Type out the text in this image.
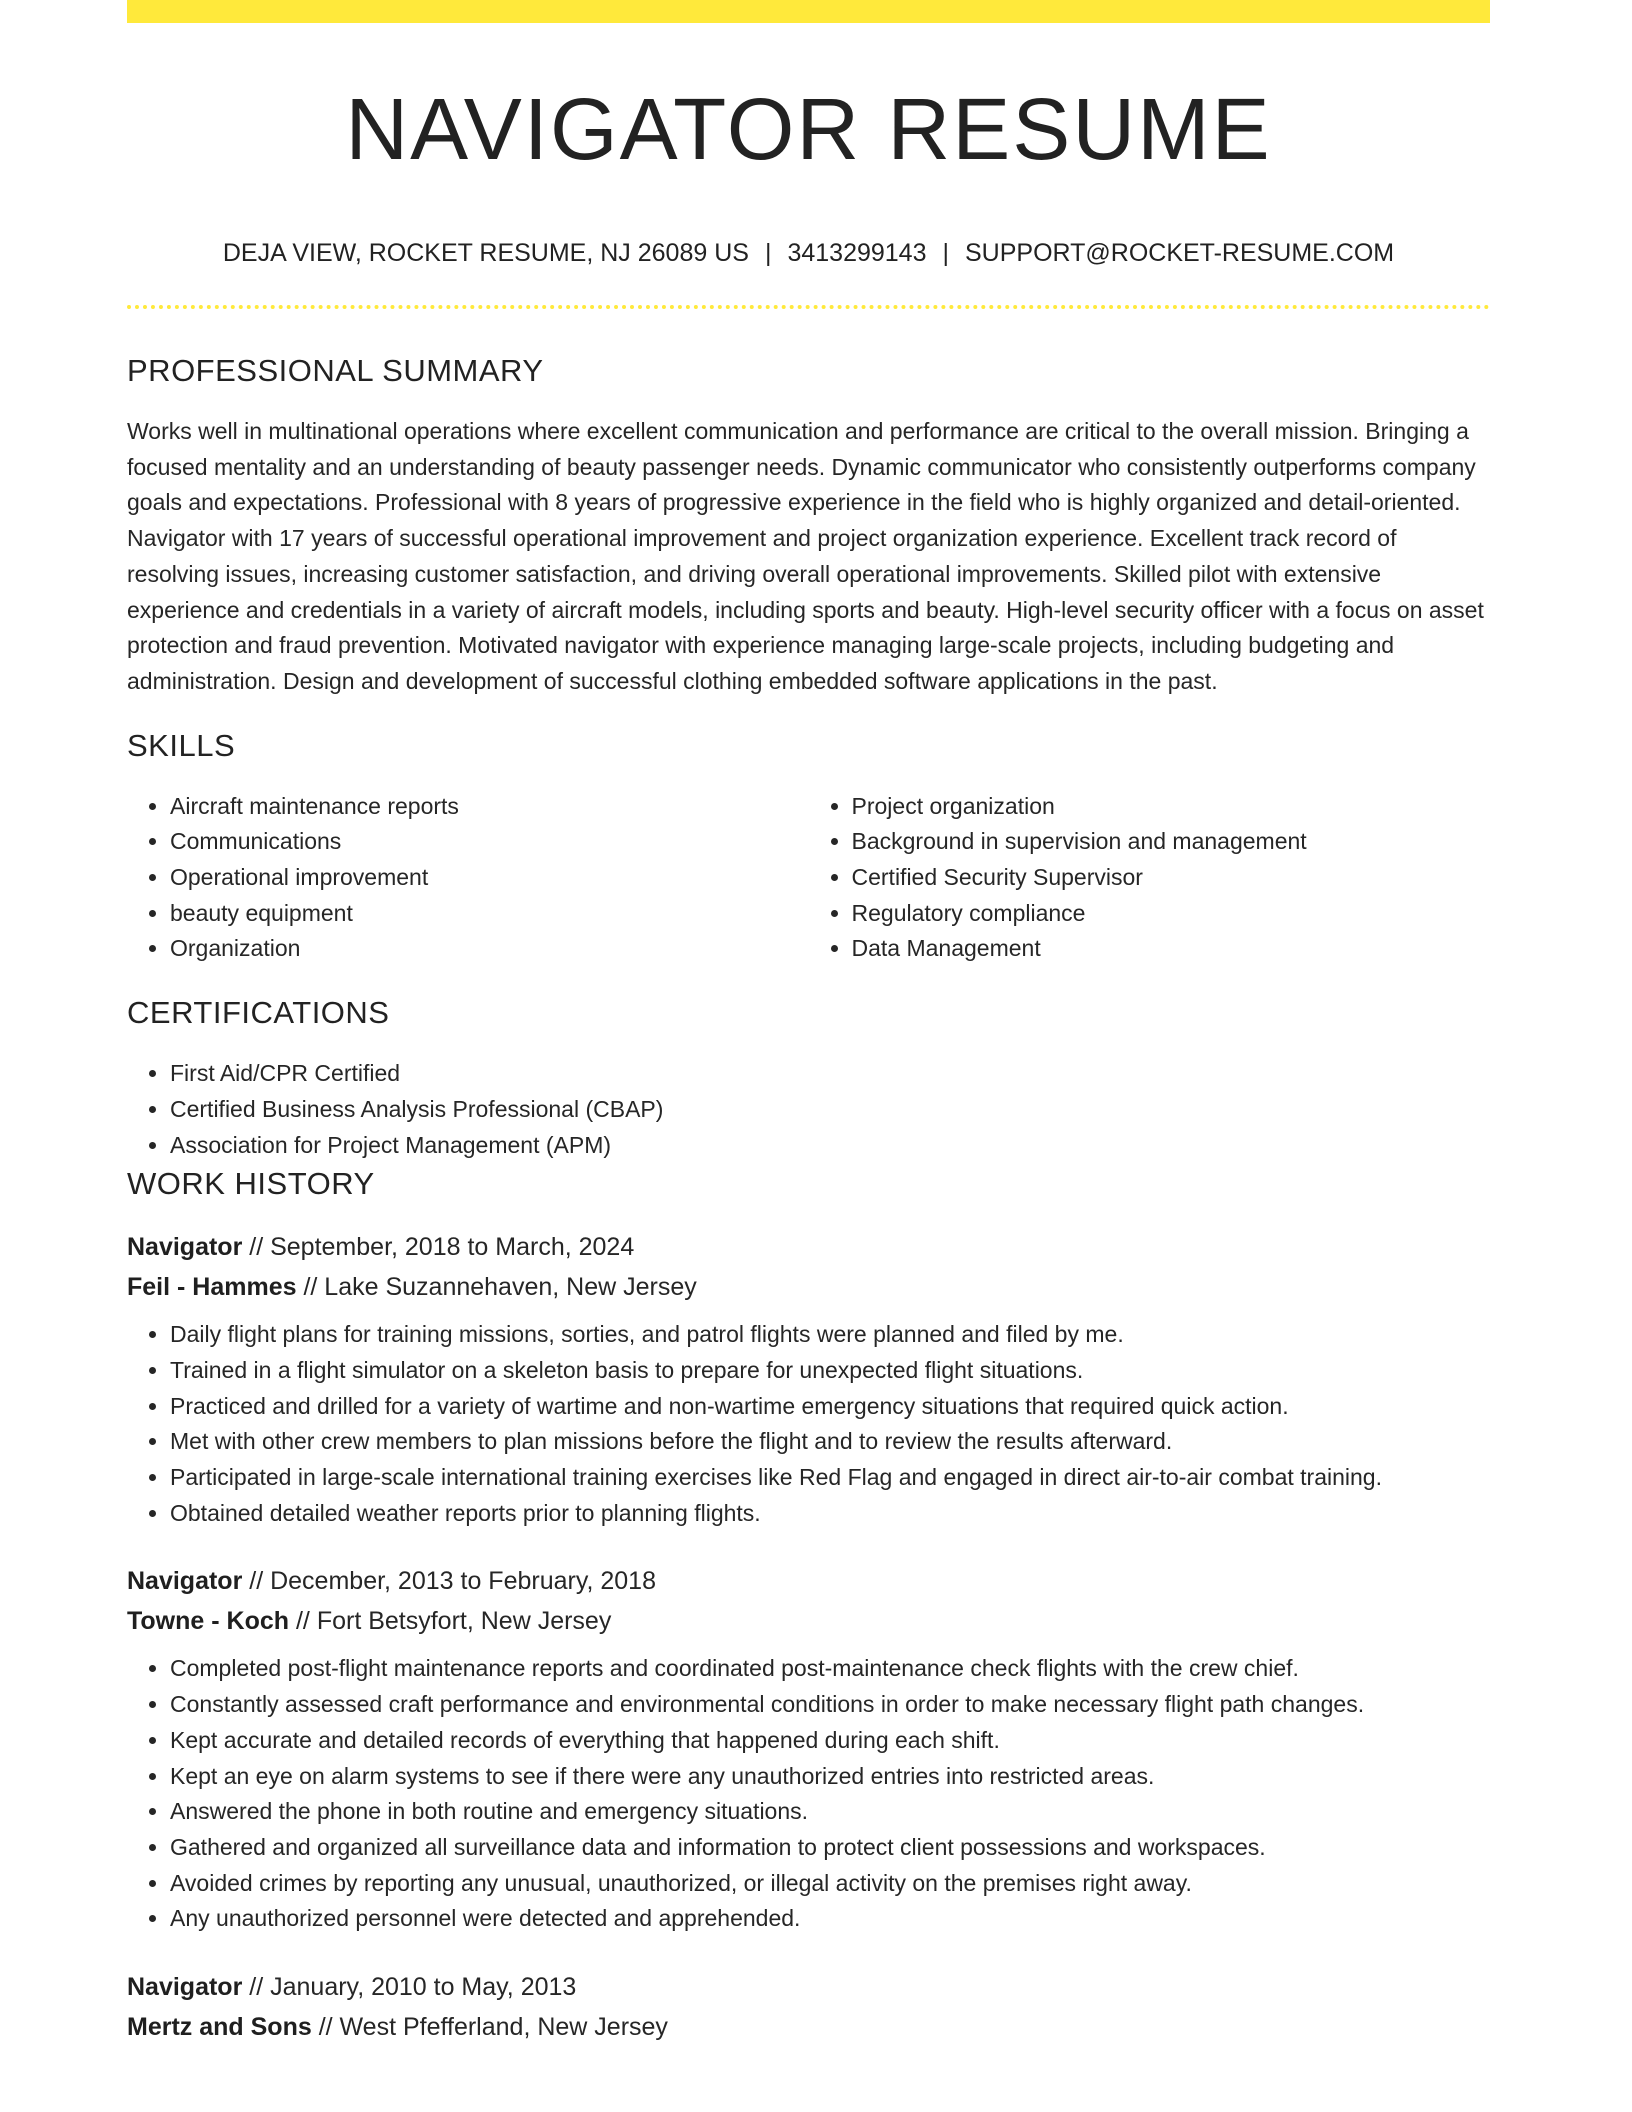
NAVIGATOR RESUME
DEJA VIEW, ROCKET RESUME, NJ 26089 US | 3413299143 | SUPPORT@ROCKET-RESUME.COM
PROFESSIONAL SUMMARY

Works well in multinational operations where excellent communication and performance are critical to the overall mission. Bringing a focused mentality and an understanding of beauty passenger needs. Dynamic communicator who consistently outperforms company goals and expectations. Professional with 8 years of progressive experience in the field who is highly organized and detail-oriented. Navigator with 17 years of successful operational improvement and project organization experience. Excellent track record of resolving issues, increasing customer satisfaction, and driving overall operational improvements. Skilled pilot with extensive experience and credentials in a variety of aircraft models, including sports and beauty. High-level security officer with a focus on asset protection and fraud prevention. Motivated navigator with experience managing large-scale projects, including budgeting and administration. Design and development of successful clothing embedded software applications in the past.

SKILLS
• Aircraft maintenance reports
• Communications
• Operational improvement
• beauty equipment
• Organization
• Project organization
• Background in supervision and management
• Certified Security Supervisor
• Regulatory compliance
• Data Management
CERTIFICATIONS
• First Aid/CPR Certified
• Certified Business Analysis Professional (CBAP)
• Association for Project Management (APM)
WORK HISTORY
Navigator // September, 2018 to March, 2024
Feil - Hammes // Lake Suzannehaven, New Jersey
• Daily flight plans for training missions, sorties, and patrol flights were planned and filed by me.
• Trained in a flight simulator on a skeleton basis to prepare for unexpected flight situations.
• Practiced and drilled for a variety of wartime and non-wartime emergency situations that required quick action.
• Met with other crew members to plan missions before the flight and to review the results afterward.
• Participated in large-scale international training exercises like Red Flag and engaged in direct air-to-air combat training.
• Obtained detailed weather reports prior to planning flights.
Navigator // December, 2013 to February, 2018
Towne - Koch // Fort Betsyfort, New Jersey
• Completed post-flight maintenance reports and coordinated post-maintenance check flights with the crew chief.
• Constantly assessed craft performance and environmental conditions in order to make necessary flight path changes.
• Kept accurate and detailed records of everything that happened during each shift.
• Kept an eye on alarm systems to see if there were any unauthorized entries into restricted areas.
• Answered the phone in both routine and emergency situations.
• Gathered and organized all surveillance data and information to protect client possessions and workspaces.
• Avoided crimes by reporting any unusual, unauthorized, or illegal activity on the premises right away.
• Any unauthorized personnel were detected and apprehended.
Navigator // January, 2010 to May, 2013
Mertz and Sons // West Pfefferland, New Jersey
